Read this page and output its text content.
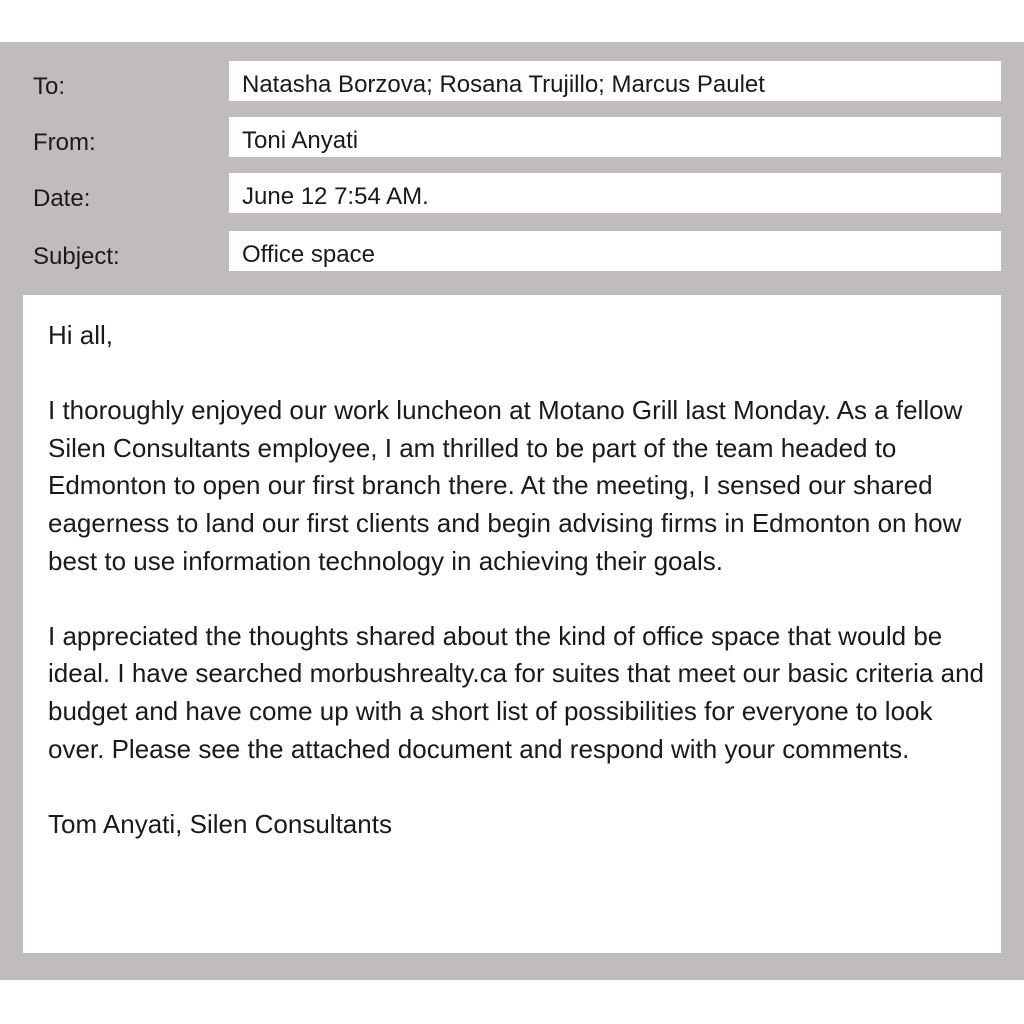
To:	Natasha Borzova; Rosana Trujillo; Marcus Paulet
From:	Toni Anyati
Date:	June 12 7:54 AM.
Subject:	Office space

Hi all,

I thoroughly enjoyed our work luncheon at Motano Grill last Monday. As a fellow Silen Consultants employee, I am thrilled to be part of the team headed to Edmonton to open our first branch there. At the meeting, I sensed our shared eagerness to land our first clients and begin advising firms in Edmonton on how best to use information technology in achieving their goals.

I appreciated the thoughts shared about the kind of office space that would be ideal. I have searched morbushrealty.ca for suites that meet our basic criteria and budget and have come up with a short list of possibilities for everyone to look over. Please see the attached document and respond with your comments.

Tom Anyati, Silen Consultants
